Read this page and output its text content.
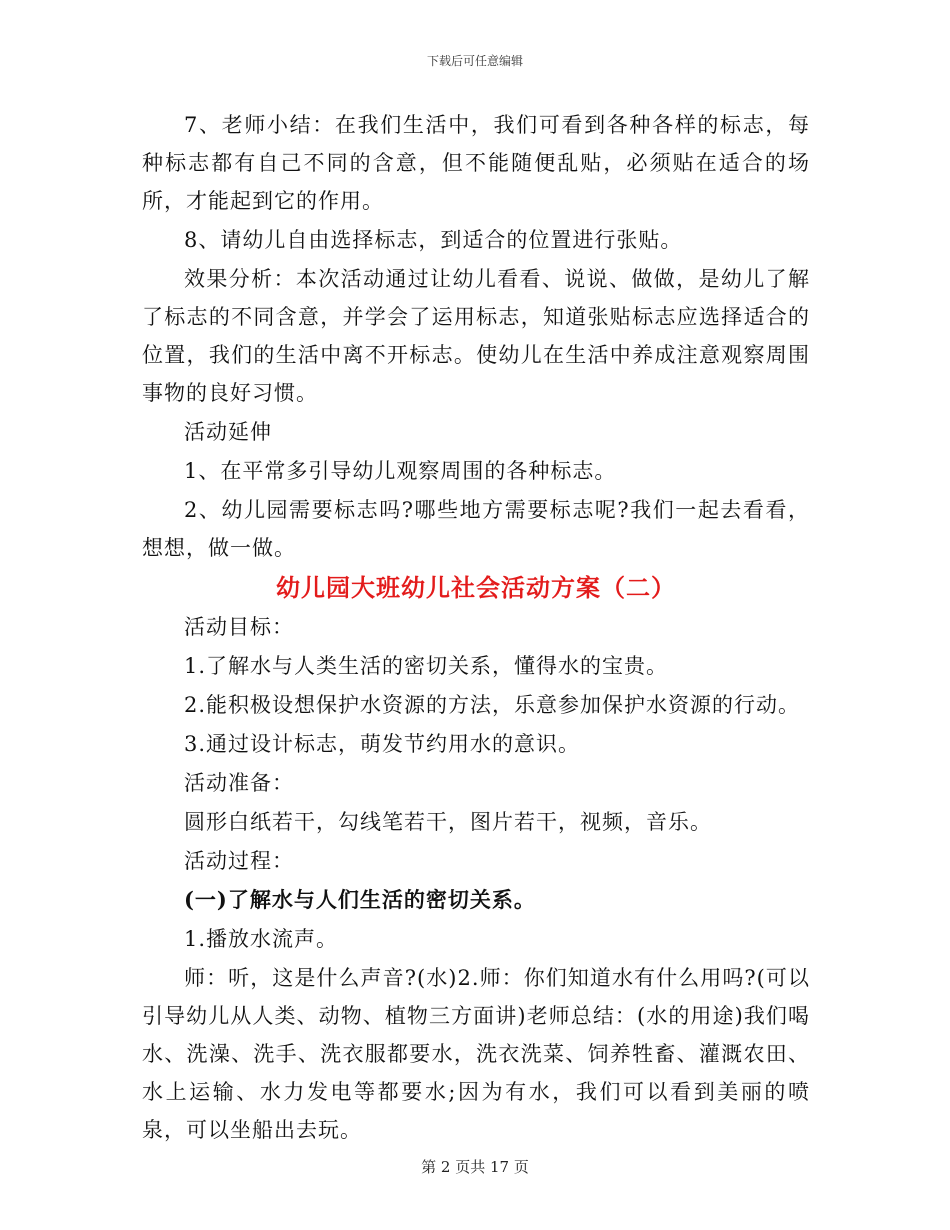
下载后可任意编辑

7、老师小结：在我们生活中，我们可看到各种各样的标志，每种标志都有自己不同的含意，但不能随便乱贴，必须贴在适合的场所，才能起到它的作用。

8、请幼儿自由选择标志，到适合的位置进行张贴。

效果分析：本次活动通过让幼儿看看、说说、做做，是幼儿了解了标志的不同含意，并学会了运用标志，知道张贴标志应选择适合的位置，我们的生活中离不开标志。使幼儿在生活中养成注意观察周围事物的良好习惯。

活动延伸

1、在平常多引导幼儿观察周围的各种标志。

2、幼儿园需要标志吗?哪些地方需要标志呢?我们一起去看看，想想，做一做。

幼儿园大班幼儿社会活动方案（二）

活动目标：

1.了解水与人类生活的密切关系，懂得水的宝贵。

2.能积极设想保护水资源的方法，乐意参加保护水资源的行动。

3.通过设计标志，萌发节约用水的意识。

活动准备：

圆形白纸若干，勾线笔若干，图片若干，视频，音乐。

活动过程：

(一)了解水与人们生活的密切关系。

1.播放水流声。

师：听，这是什么声音?(水)2.师：你们知道水有什么用吗?(可以引导幼儿从人类、动物、植物三方面讲)老师总结：(水的用途)我们喝水、洗澡、洗手、洗衣服都要水，洗衣洗菜、饲养牲畜、灌溉农田、水上运输、水力发电等都要水;因为有水，我们可以看到美丽的喷泉，可以坐船出去玩。

第 2 页共 17 页
